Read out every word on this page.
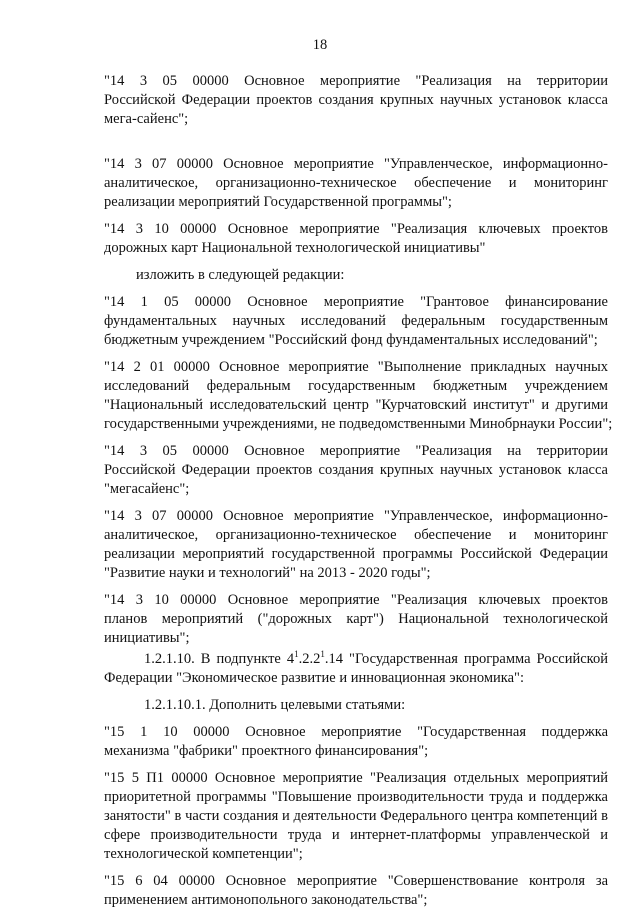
18
"14 3 05 00000 Основное мероприятие "Реализация на территории
Российской Федерации проектов создания крупных научных установок класса
мега-сайенс";
"14 3 07 00000 Основное мероприятие "Управленческое, информационно-
аналитическое, организационно-техническое обеспечение и мониторинг
реализации мероприятий Государственной программы";
"14 3 10 00000 Основное мероприятие "Реализация ключевых проектов
дорожных карт Национальной технологической инициативы"
изложить в следующей редакции:
"14 1 05 00000 Основное мероприятие "Грантовое финансирование
фундаментальных научных исследований федеральным государственным
бюджетным учреждением "Российский фонд фундаментальных исследований";
"14 2 01 00000 Основное мероприятие "Выполнение прикладных научных
исследований федеральным государственным бюджетным учреждением
"Национальный исследовательский центр "Курчатовский институт" и другими
государственными учреждениями, не подведомственными Минобрнауки России";
"14 3 05 00000 Основное мероприятие "Реализация на территории
Российской Федерации проектов создания крупных научных установок класса
"мегасайенс";
"14 3 07 00000 Основное мероприятие "Управленческое, информационно-
аналитическое, организационно-техническое обеспечение и мониторинг
реализации мероприятий государственной программы Российской Федерации
"Развитие науки и технологий" на 2013 - 2020 годы";
"14 3 10 00000 Основное мероприятие "Реализация ключевых проектов
планов мероприятий ("дорожных карт") Национальной технологической
инициативы";
1.2.1.10. В подпункте $4^1.2.2^1.14$ "Государственная программа Российской
Федерации "Экономическое развитие и инновационная экономика":
1.2.1.10.1. Дополнить целевыми статьями:
"15 1 10 00000 Основное мероприятие "Государственная поддержка
механизма "фабрики" проектного финансирования";
"15 5 П1 00000 Основное мероприятие "Реализация отдельных мероприятий
приоритетной программы "Повышение производительности труда и поддержка
занятости" в части создания и деятельности Федерального центра компетенций в
сфере производительности труда и интернет-платформы управленческой и
технологической компетенции";
"15 6 04 00000 Основное мероприятие "Совершенствование контроля за
применением антимонопольного законодательства";
